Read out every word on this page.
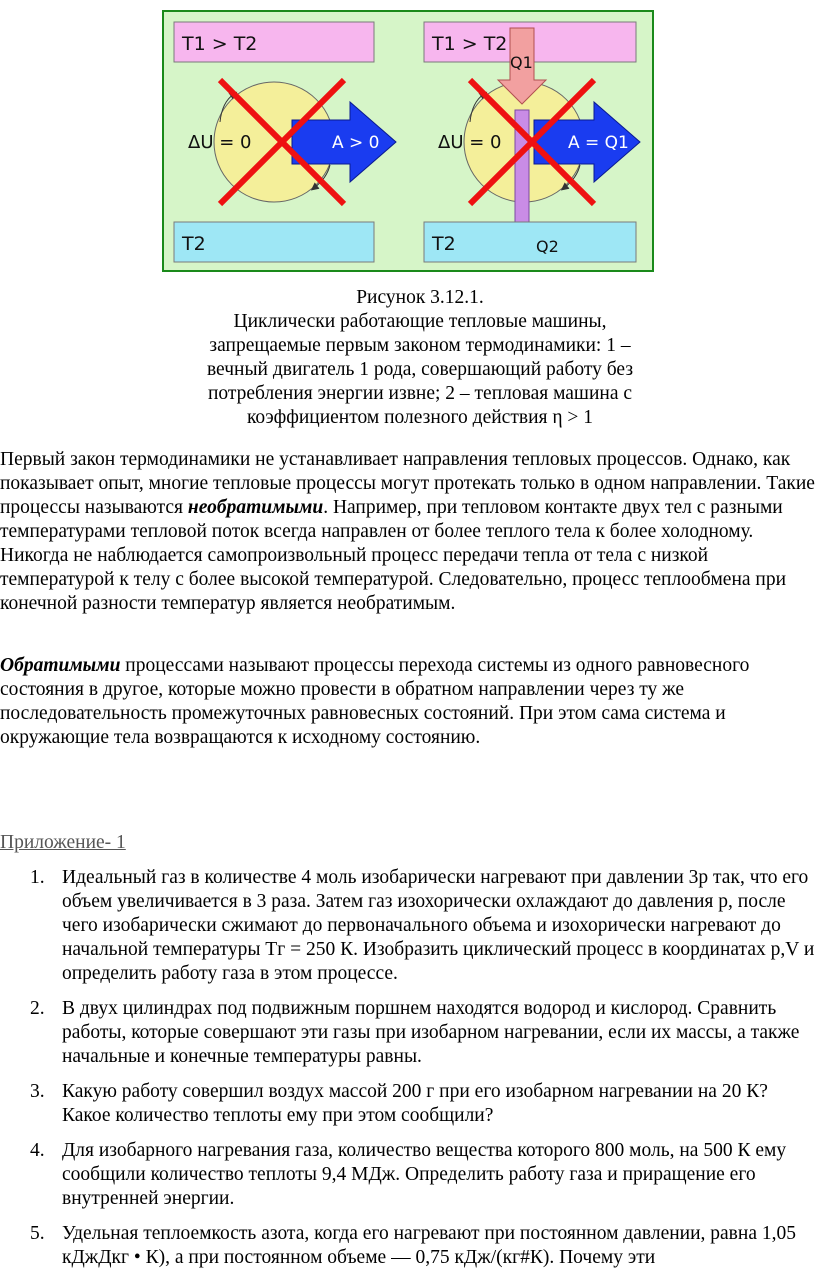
T1 > T2
A > 0
ΔU = 0
T2
T1 > T2
A = Q1
Q1
ΔU = 0
T2	Q2
Рисунок 3.12.1.
Циклически работающие тепловые машины,
запрещаемые первым законом термодинамики: 1 –
вечный двигатель 1 рода, совершающий работу без
потребления энергии извне; 2 – тепловая машина с
коэффициентом полезного действия η > 1

Первый закон термодинамики не устанавливает направления тепловых процессов. Однако, как показывает опыт, многие тепловые процессы могут протекать только в одном направлении. Такие процессы называются необратимыми. Например, при тепловом контакте двух тел с разными температурами тепловой поток всегда направлен от более теплого тела к более холодному. Никогда не наблюдается самопроизвольный процесс передачи тепла от тела с низкой температурой к телу с более высокой температурой. Следовательно, процесс теплообмена при конечной разности температур является необратимым.

Обратимыми процессами называют процессы перехода системы из одного равновесного состояния в другое, которые можно провести в обратном направлении через ту же последовательность промежуточных равновесных состояний. При этом сама система и окружающие тела возвращаются к исходному состоянию.

Приложение- 1
1. Идеальный газ в количестве 4 моль изобарически нагревают при давлении 3р так, что его объем увеличивается в 3 раза. Затем газ изохорически охлаждают до давления р, после чего изобарически сжимают до первоначального объема и изохорически нагревают до начальной температуры Тг = 250 К. Изобразить циклический процесс в координатах р,V и определить работу газа в этом процессе.
2. В двух цилиндрах под подвижным поршнем находятся водород и кислород. Сравнить работы, которые совершают эти газы при изобарном нагревании, если их массы, а также начальные и конечные температуры равны.
3. Какую работу совершил воздух массой 200 г при его изобарном нагревании на 20 К? Какое количество теплоты ему при этом сообщили?
4. Для изобарного нагревания газа, количество вещества которого 800 моль, на 500 К ему сообщили количество теплоты 9,4 МДж. Определить работу газа и приращение его внутренней энергии.
5. Удельная теплоемкость азота, когда его нагревают при постоянном давлении, равна 1,05 кДжДкг • К), а при постоянном объеме — 0,75 кДж/(кг#К). Почему эти
